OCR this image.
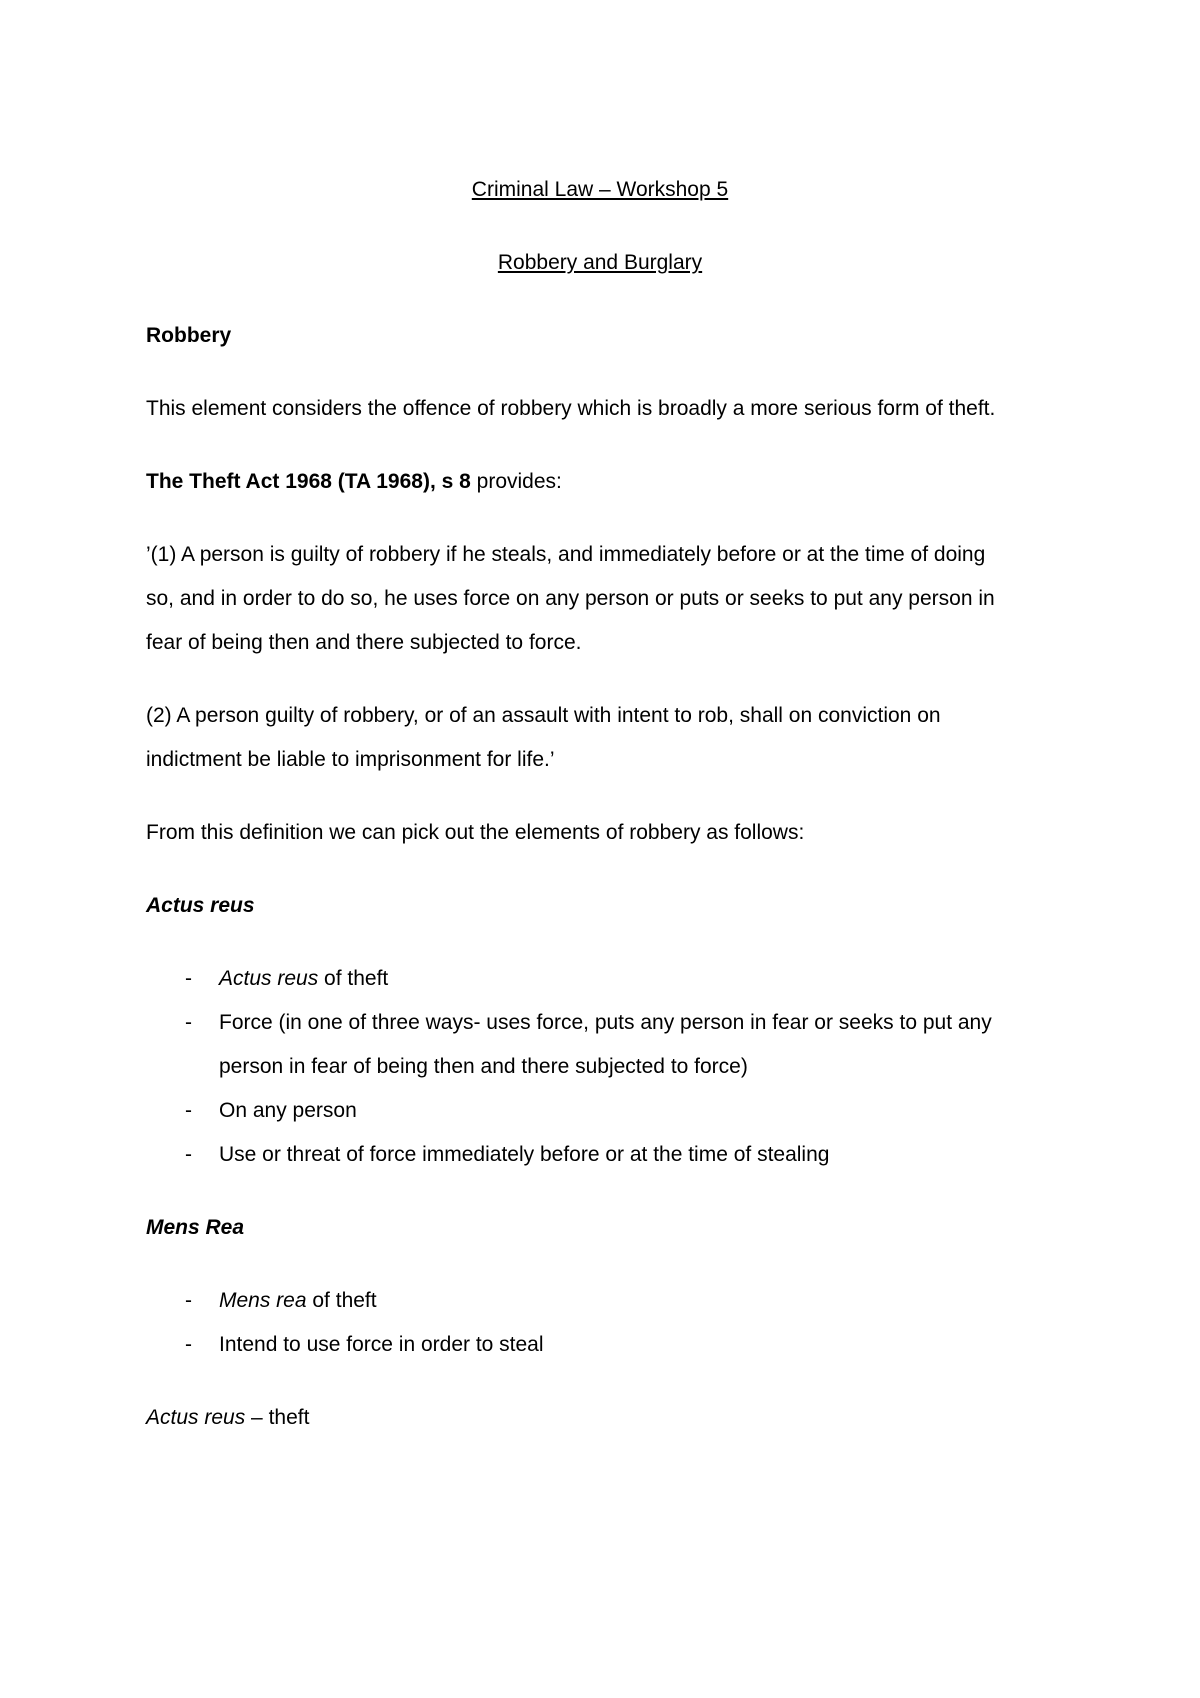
Criminal Law – Workshop 5
Robbery and Burglary
Robbery
This element considers the offence of robbery which is broadly a more serious form of theft.
The Theft Act 1968 (TA 1968), s 8 provides:
’(1) A person is guilty of robbery if he steals, and immediately before or at the time of doing
so, and in order to do so, he uses force on any person or puts or seeks to put any person in
fear of being then and there subjected to force.
(2) A person guilty of robbery, or of an assault with intent to rob, shall on conviction on
indictment be liable to imprisonment for life.’
From this definition we can pick out the elements of robbery as follows:
Actus reus
- Actus reus of theft
- Force (in one of three ways- uses force, puts any person in fear or seeks to put any
person in fear of being then and there subjected to force)
- On any person
- Use or threat of force immediately before or at the time of stealing
Mens Rea
- Mens rea of theft
- Intend to use force in order to steal
Actus reus – theft
